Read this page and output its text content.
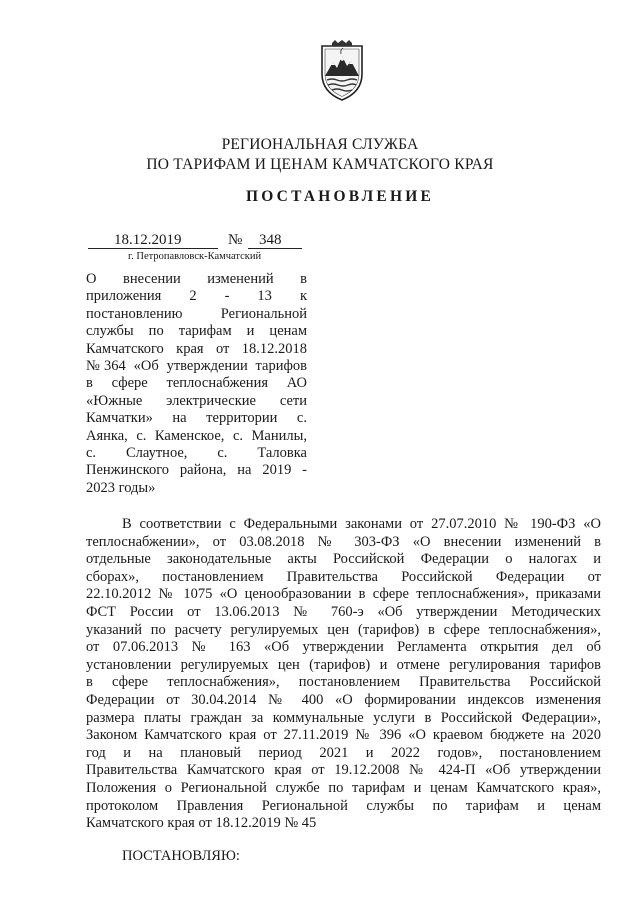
РЕГИОНАЛЬНАЯ СЛУЖБА
ПО ТАРИФАМ И ЦЕНАМ КАМЧАТСКОГО КРАЯ
ПОСТАНОВЛЕНИЕ
18.12.2019	№ 348
г. Петропавловск-Камчатский
О внесении изменений в
приложения 2 - 13 к
постановлению Региональной
службы по тарифам и ценам
Камчатского края от 18.12.2018
№364 «Об утверждении тарифов
в сфере теплоснабжения АО
«Южные электрические сети
Камчатки» на территории с.
Аянка, с. Каменское, с. Манилы,
с. Слаутное, с. Таловка
Пенжинского района, на 2019 -
2023 годы»
В соответствии с Федеральными законами от 27.07.2010 № 190-ФЗ «О
теплоснабжении», от 03.08.2018 № 303-ФЗ «О внесении изменений в
отдельные законодательные акты Российской Федерации о налогах и
сборах», постановлением Правительства Российской Федерации от
22.10.2012 № 1075 «О ценообразовании в сфере теплоснабжения», приказами
ФСТ России от 13.06.2013 № 760-э «Об утверждении Методических
указаний по расчету регулируемых цен (тарифов) в сфере теплоснабжения»,
от 07.06.2013 № 163 «Об утверждении Регламента открытия дел об
установлении регулируемых цен (тарифов) и отмене регулирования тарифов
в сфере теплоснабжения», постановлением Правительства Российской
Федерации от 30.04.2014 № 400 «О формировании индексов изменения
размера платы граждан за коммунальные услуги в Российской Федерации»,
Законом Камчатского края от 27.11.2019 № 396 «О краевом бюджете на 2020
год и на плановый период 2021 и 2022 годов», постановлением
Правительства Камчатского края от 19.12.2008 № 424-П «Об утверждении
Положения о Региональной службе по тарифам и ценам Камчатского края»,
протоколом Правления Региональной службы по тарифам и ценам
Камчатского края от 18.12.2019 № 45
ПОСТАНОВЛЯЮ:
